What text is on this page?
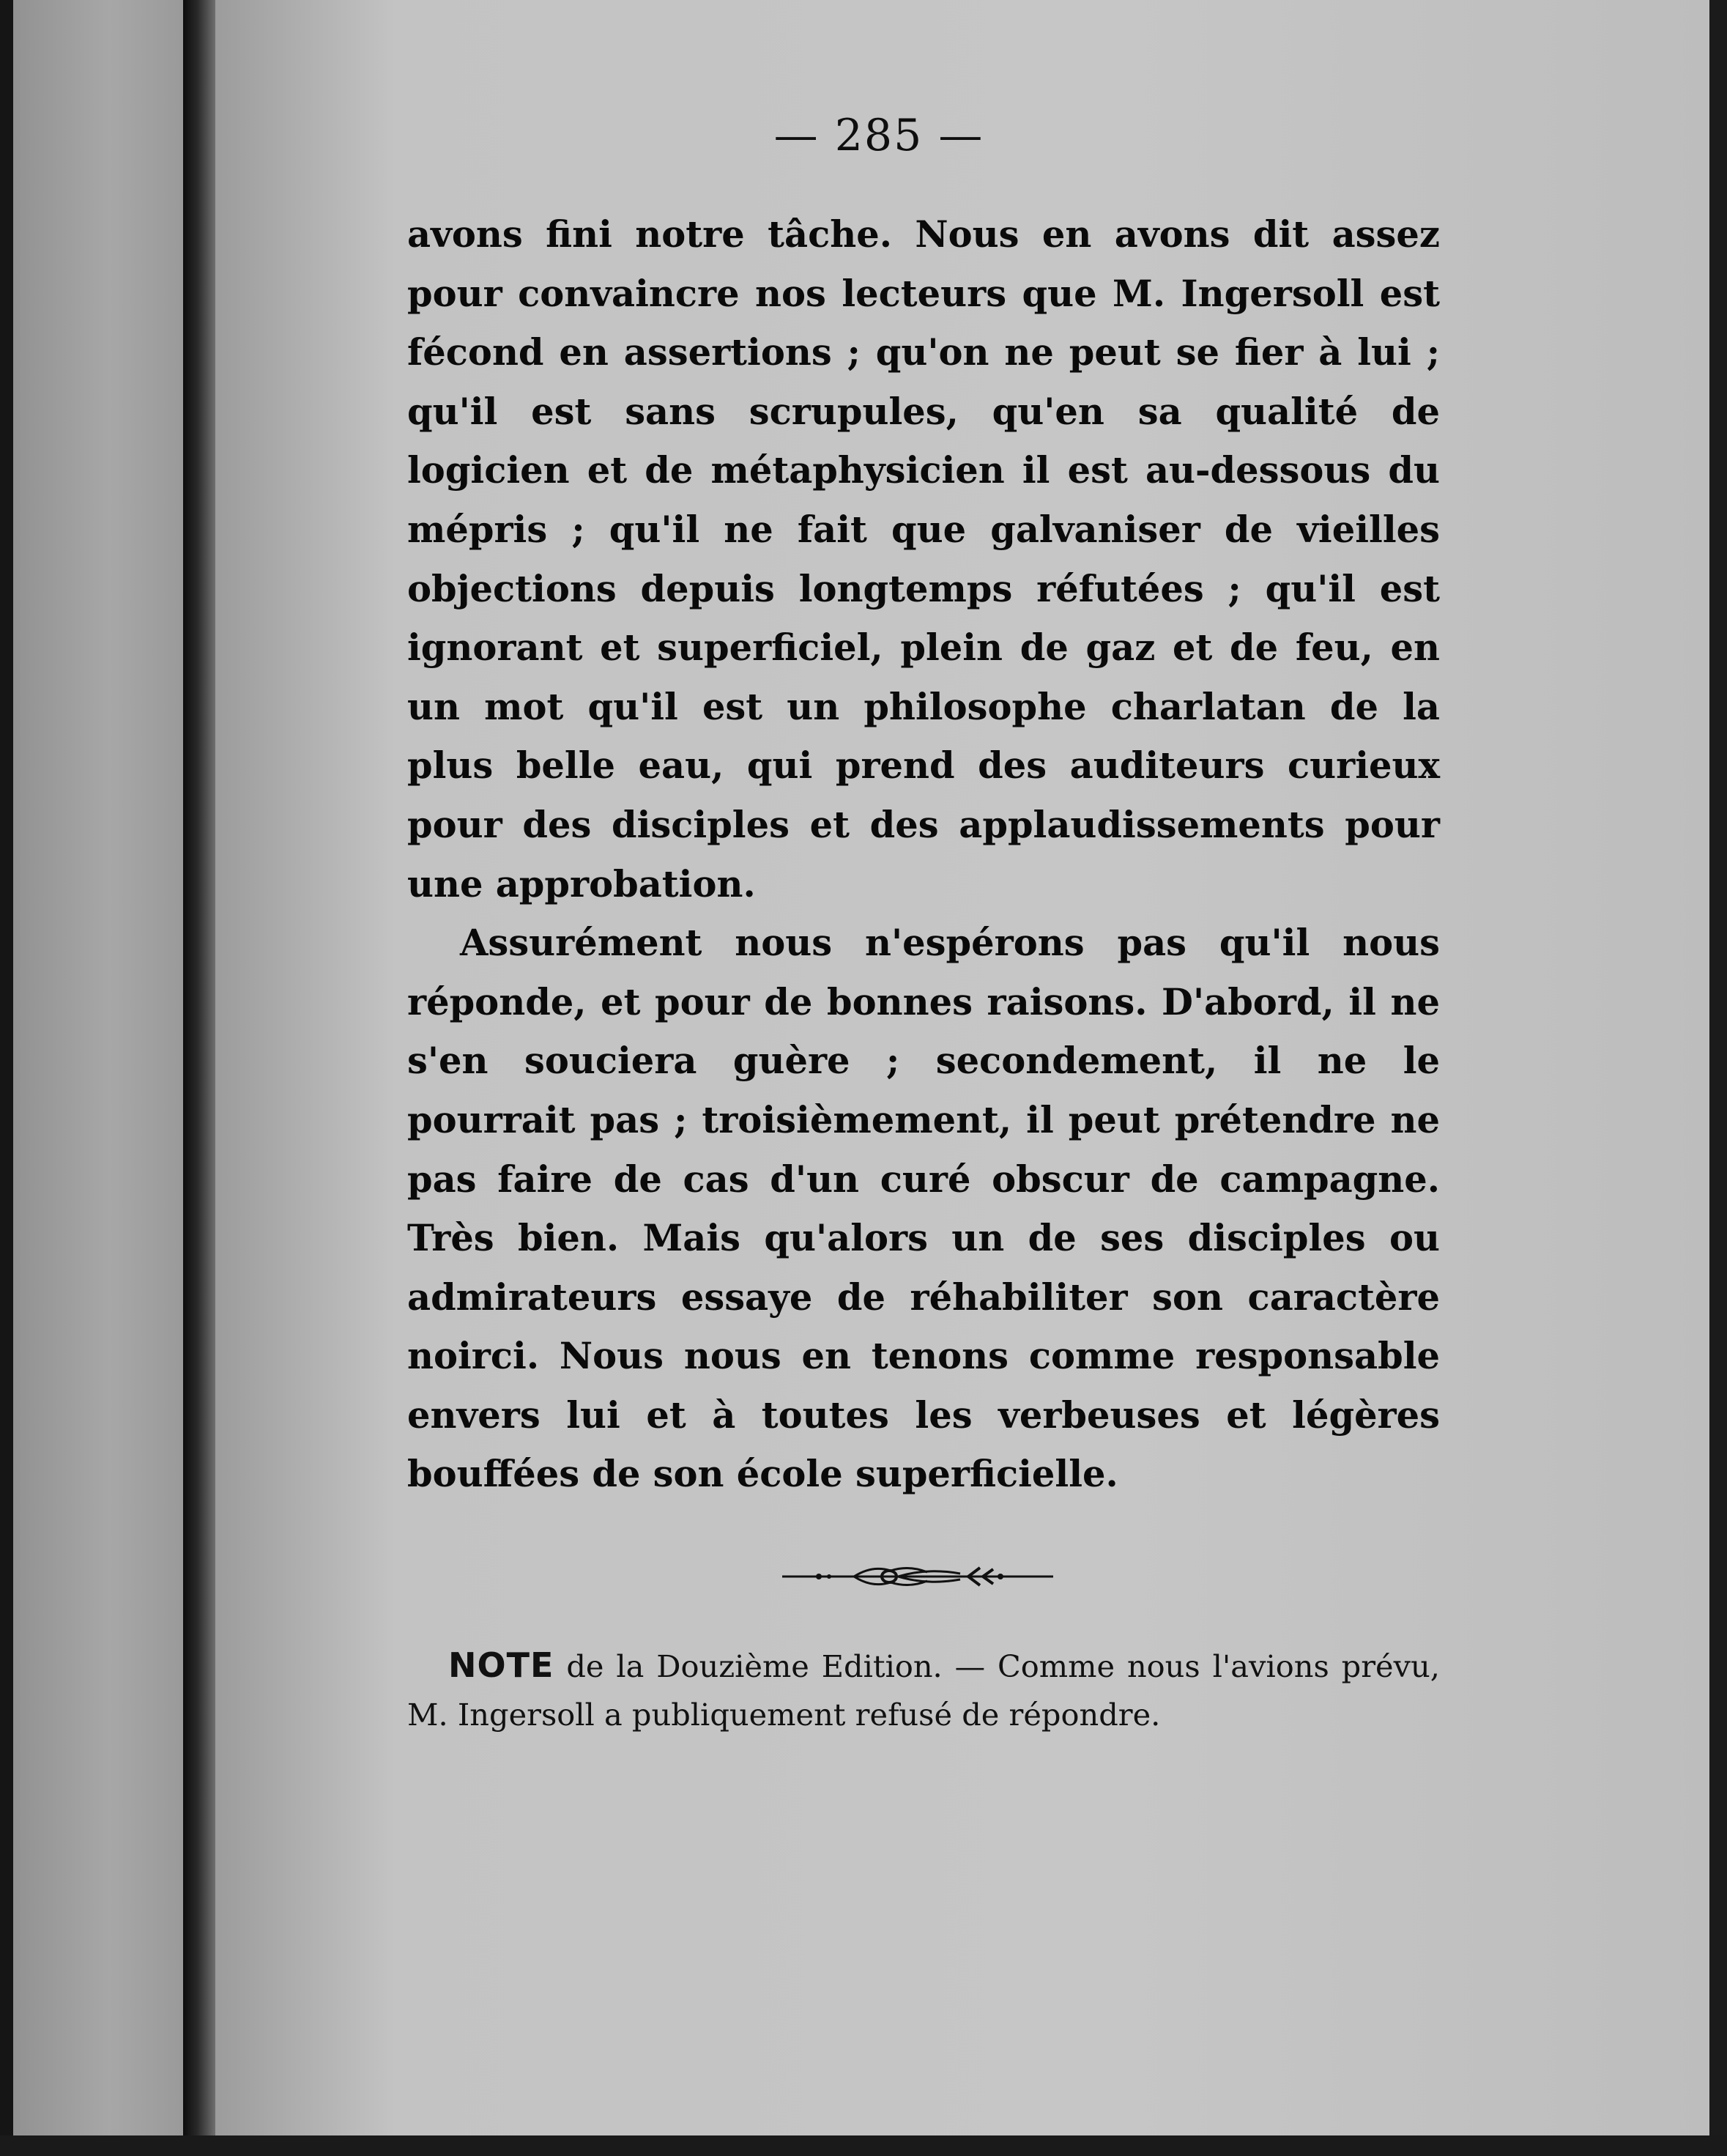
— 285 —

avons fini notre tâche. Nous en avons dit assez pour convaincre nos lecteurs que M. Ingersoll est fécond en assertions ; qu'on ne peut se fier à lui ; qu'il est sans scrupules, qu'en sa qualité de logicien et de métaphysicien il est au-dessous du mépris ; qu'il ne fait que galvaniser de vieilles objections depuis longtemps réfutées ; qu'il est ignorant et superficiel, plein de gaz et de feu, en un mot qu'il est un philosophe charlatan de la plus belle eau, qui prend des auditeurs curieux pour des disciples et des applaudissements pour une approbation.

Assurément nous n'espérons pas qu'il nous réponde, et pour de bonnes raisons. D'abord, il ne s'en souciera guère ; secondement, il ne le pourrait pas ; troisièmement, il peut prétendre ne pas faire de cas d'un curé obscur de campagne. Très bien. Mais qu'alors un de ses disciples ou admirateurs essaye de réhabiliter son caractère noirci. Nous nous en tenons comme responsable envers lui et à toutes les verbeuses et légères bouffées de son école superficielle.

NOTE de la Douzième Edition. — Comme nous l'avions prévu, M. Ingersoll a publiquement refusé de répondre.
